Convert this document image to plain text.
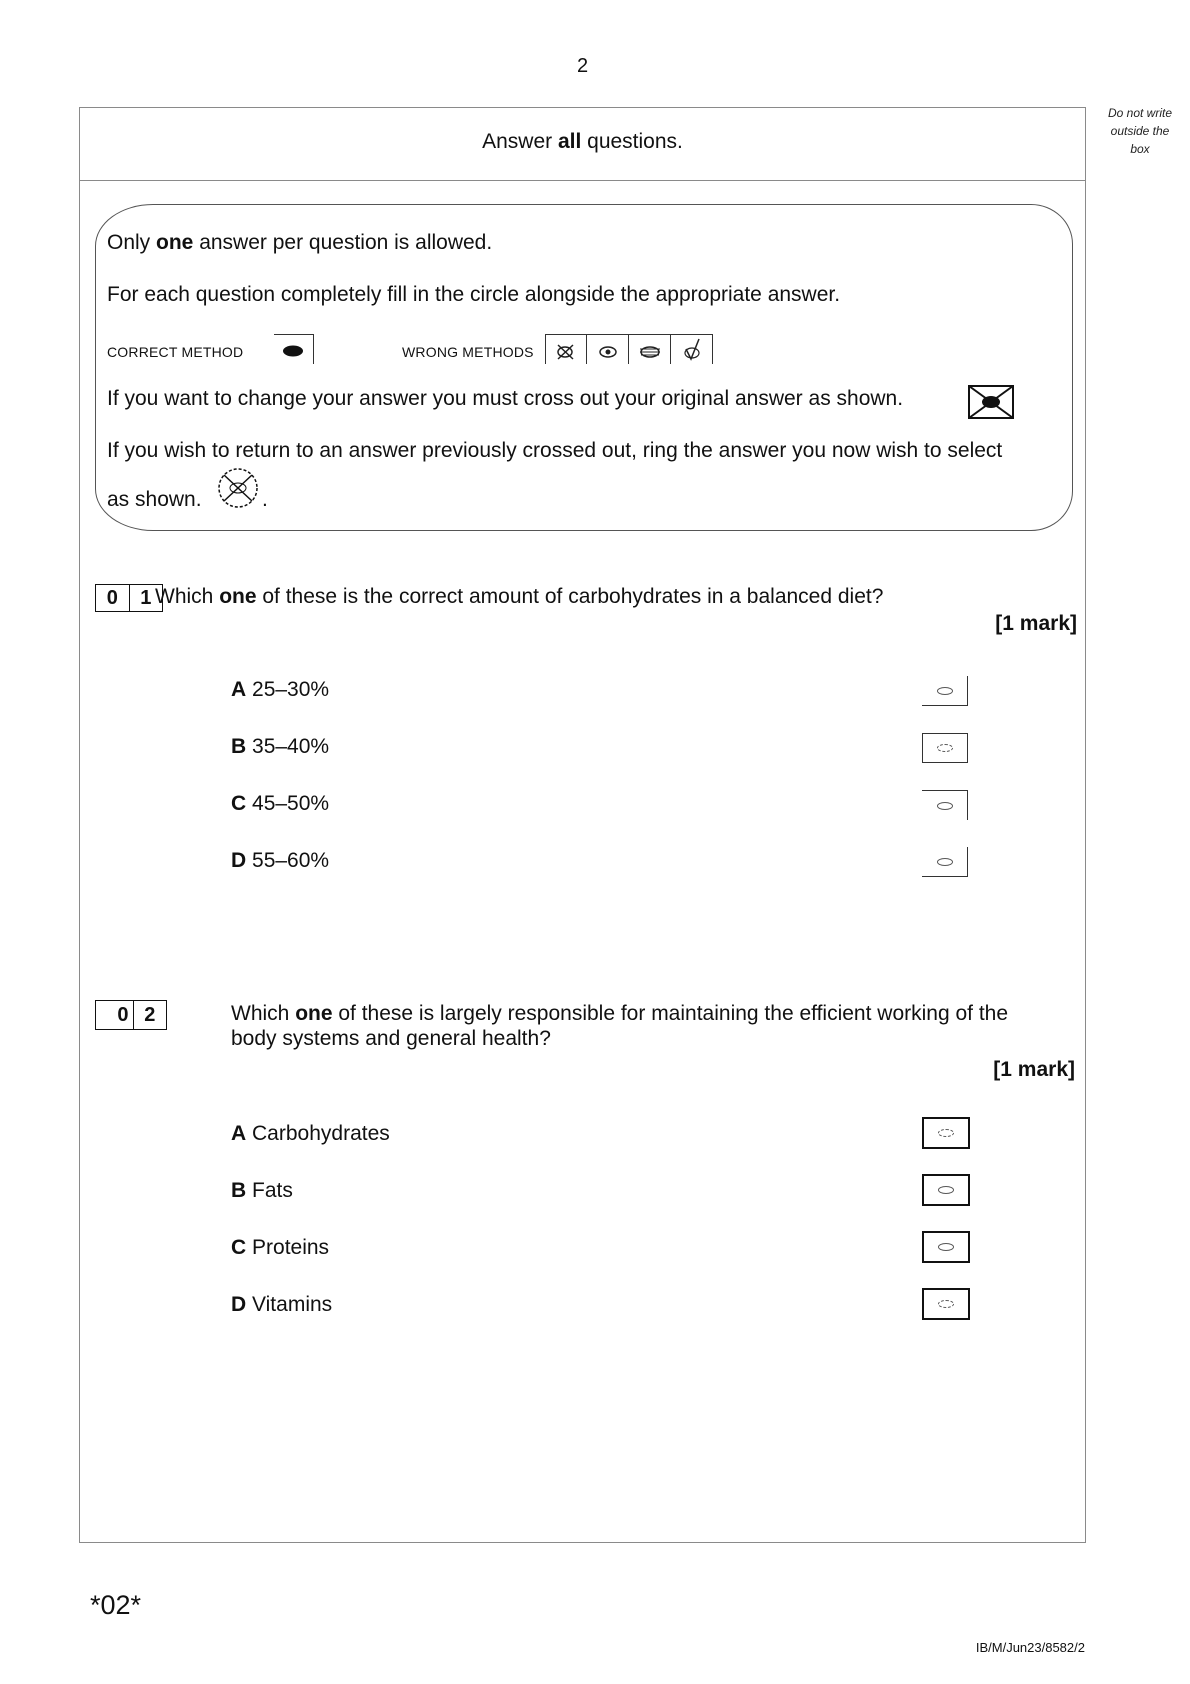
2
Do not write
outside the
box
Answer all questions.
Only one answer per question is allowed.
For each question completely fill in the circle alongside the appropriate answer.
CORRECT METHOD	WRONG METHODS
If you want to change your answer you must cross out your original answer as shown.
If you wish to return to an answer previously crossed out, ring the answer you now wish to select
as shown.	.
0	1 Which one of these is the correct amount of carbohydrates in a balanced diet?
[1 mark]
A 25–30%
B 35–40%
C 45–50%
D 55–60%
0 2	Which one of these is largely responsible for maintaining the efficient working of the
body systems and general health?
[1 mark]
A Carbohydrates
B Fats
C Proteins
D Vitamins
*02*
IB/M/Jun23/8582/2
